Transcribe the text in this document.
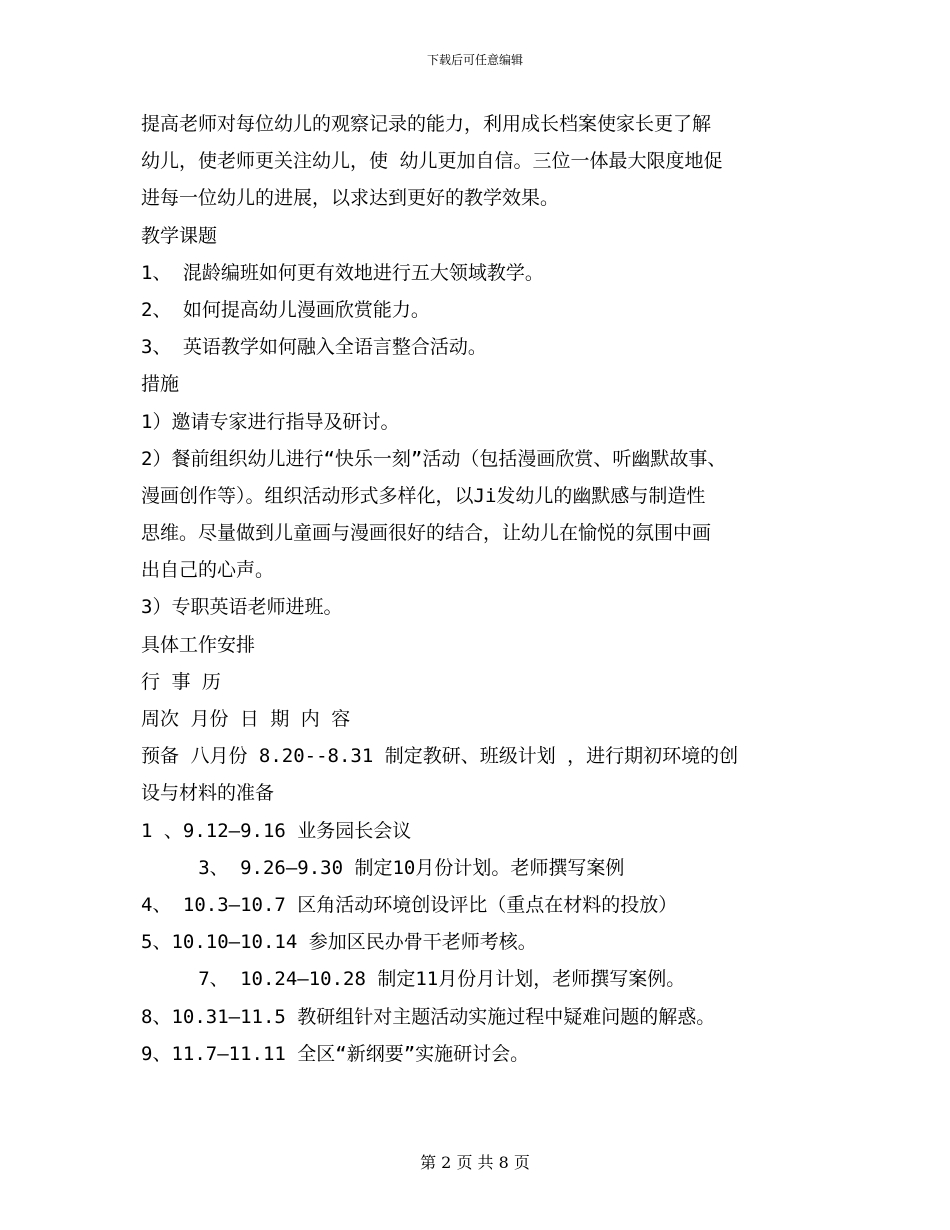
下载后可任意编辑
提高老师对每位幼儿的观察记录的能力，利用成长档案使家长更了解
幼儿，使老师更关注幼儿，使 幼儿更加自信。三位一体最大限度地促
进每一位幼儿的进展，以求达到更好的教学效果。
教学课题
1、 混龄编班如何更有效地进行五大领域教学。
2、 如何提高幼儿漫画欣赏能力。
3、 英语教学如何融入全语言整合活动。
措施
1）邀请专家进行指导及研讨。
2）餐前组织幼儿进行“快乐一刻”活动（包括漫画欣赏、听幽默故事、
漫画创作等）。组织活动形式多样化，以Ji发幼儿的幽默感与制造性
思维。尽量做到儿童画与漫画很好的结合，让幼儿在愉悦的氛围中画
出自己的心声。
3）专职英语老师进班。
具体工作安排
行 事 历
周次 月份 日 期 内 容
预备 八月份 8.20--8.31 制定教研、班级计划 ，进行期初环境的创
设与材料的准备
1 、9.12—9.16 业务园长会议
3、 9.26—9.30 制定10月份计划。老师撰写案例
4、 10.3—10.7 区角活动环境创设评比（重点在材料的投放）
5、10.10—10.14 参加区民办骨干老师考核。
7、 10.24—10.28 制定11月份月计划，老师撰写案例。
8、10.31—11.5 教研组针对主题活动实施过程中疑难问题的解惑。
9、11.7—11.11 全区“新纲要”实施研讨会。
第 2 页 共 8 页
